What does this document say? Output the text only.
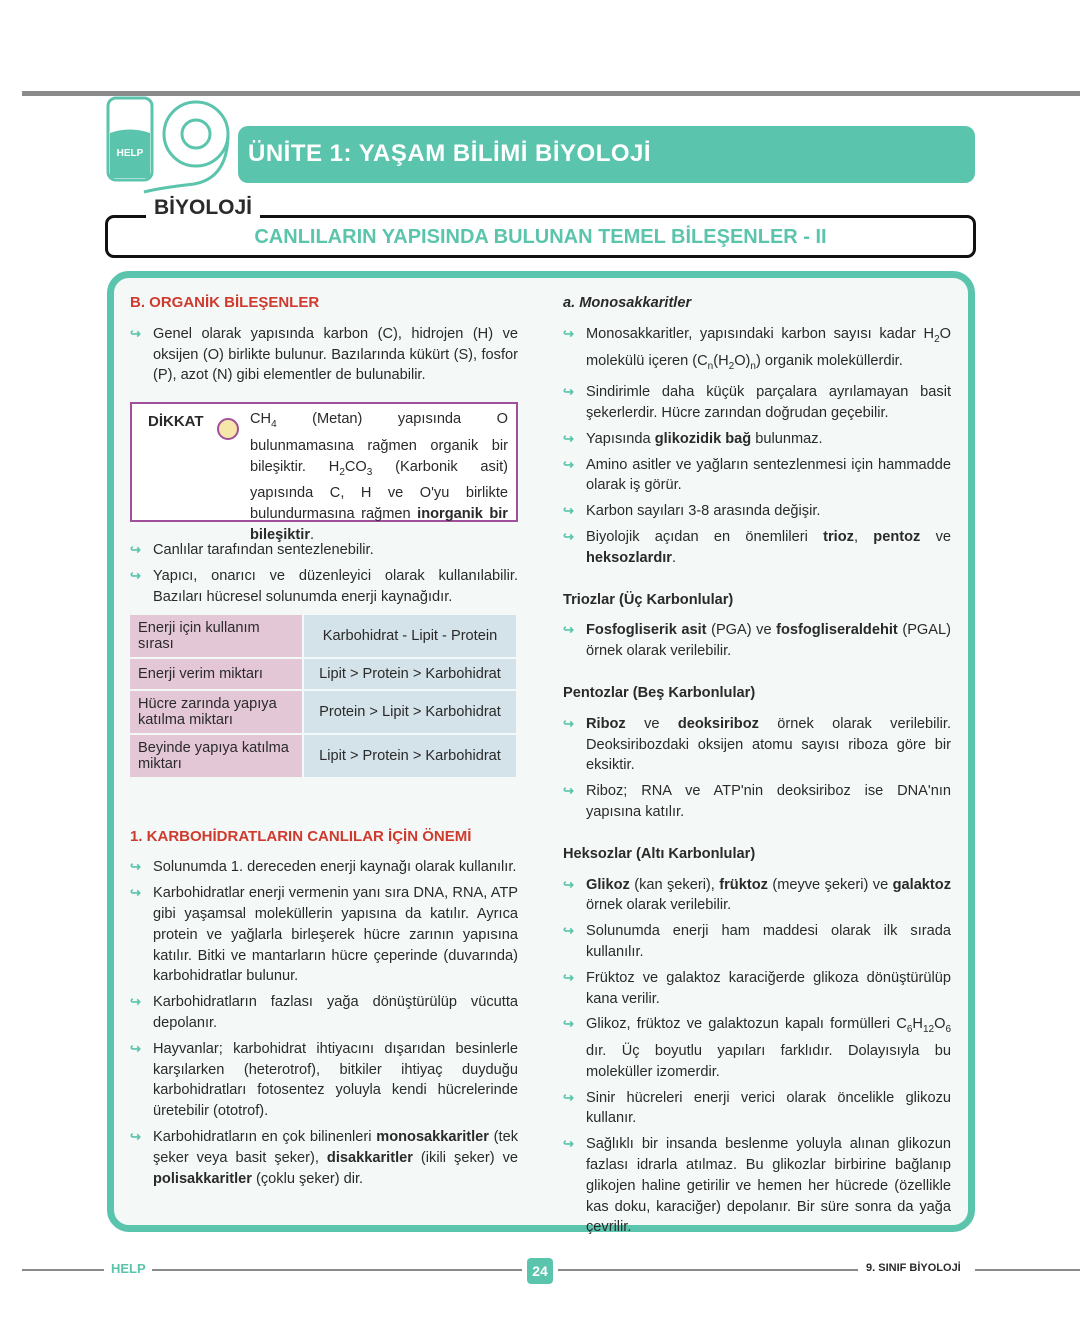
HELP	ÜNİTE 1: YAŞAM BİLİMİ BİYOLOJİ
BİYOLOJİ
CANLILARIN YAPISINDA BULUNAN TEMEL BİLEŞENLER - II
B. ORGANİK BİLEŞENLER
↪ Genel olarak yapısında karbon (C), hidrojen (H) ve oksijen (O) birlikte bulunur. Bazılarında kükürt (S), fosfor (P), azot (N) gibi elementler de bulunabilir.
DİKKAT	$CH_4$ (Metan) yapısında O bulunmamasına rağmen organik bir bileşiktir. $H_2CO_3$ (Karbonik asit) yapısında C, H ve O'yu birlikte bulundurmasına rağmen inorganik bir bileşiktir.
↪ Canlılar tarafından sentezlenebilir.
↪ Yapıcı, onarıcı ve düzenleyici olarak kullanılabilir. Bazıları hücresel solunumda enerji kaynağıdır.
Enerji için kullanım sırası	Karbohidrat - Lipit - Protein
Enerji verim miktarı	Lipit > Protein > Karbohidrat
Hücre zarında yapıya katılma miktarı	Protein > Lipit > Karbohidrat
Beyinde yapıya katılma miktarı	Lipit > Protein > Karbohidrat
1. KARBOHİDRATLARIN CANLILAR İÇİN ÖNEMİ
↪ Solunumda 1. dereceden enerji kaynağı olarak kullanılır.
↪ Karbohidratlar enerji vermenin yanı sıra DNA, RNA, ATP gibi yaşamsal moleküllerin yapısına da katılır. Ayrıca protein ve yağlarla birleşerek hücre zarının yapısına katılır. Bitki ve mantarların hücre çeperinde (duvarında) karbohidratlar bulunur.
↪ Karbohidratların fazlası yağa dönüştürülüp vücutta depolanır.
↪ Hayvanlar; karbohidrat ihtiyacını dışarıdan besinlerle karşılarken (heterotrof), bitkiler ihtiyaç duyduğu karbohidratları fotosentez yoluyla kendi hücrelerinde üretebilir (ototrof).
↪ Karbohidratların en çok bilinenleri monosakkaritler (tek şeker veya basit şeker), disakkaritler (ikili şeker) ve polisakkaritler (çoklu şeker) dir.
a. Monosakkaritler
↪ Monosakkaritler, yapısındaki karbon sayısı kadar $H_2O$ molekülü içeren $(C_n(H_2O)_n)$ organik moleküllerdir.
↪ Sindirimle daha küçük parçalara ayrılamayan basit şekerlerdir. Hücre zarından doğrudan geçebilir.
↪ Yapısında glikozidik bağ bulunmaz.
↪ Amino asitler ve yağların sentezlenmesi için hammadde olarak iş görür.
↪ Karbon sayıları 3-8 arasında değişir.
↪ Biyolojik açıdan en önemlileri trioz, pentoz ve heksozlardır.
Triozlar (Üç Karbonlular)
↪ Fosfogliserik asit (PGA) ve fosfogliseraldehit (PGAL) örnek olarak verilebilir.
Pentozlar (Beş Karbonlular)
↪ Riboz ve deoksiriboz örnek olarak verilebilir. Deoksiribozdaki oksijen atomu sayısı riboza göre bir eksiktir.
↪ Riboz; RNA ve ATP'nin deoksiriboz ise DNA'nın yapısına katılır.
Heksozlar (Altı Karbonlular)
↪ Glikoz (kan şekeri), früktoz (meyve şekeri) ve galaktoz örnek olarak verilebilir.
↪ Solunumda enerji ham maddesi olarak ilk sırada kullanılır.
↪ Früktoz ve galaktoz karaciğerde glikoza dönüştürülüp kana verilir.
↪ Glikoz, früktoz ve galaktozun kapalı formülleri $C_6H_{12}O_6$ dır. Üç boyutlu yapıları farklıdır. Dolayısıyla bu moleküller izomerdir.
↪ Sinir hücreleri enerji verici olarak öncelikle glikozu kullanır.
↪ Sağlıklı bir insanda beslenme yoluyla alınan glikozun fazlası idrarla atılmaz. Bu glikozlar birbirine bağlanıp glikojen haline getirilir ve hemen her hücrede (özellikle kas doku, karaciğer) depolanır. Bir süre sonra da yağa çevrilir.
HELP	24	9. SINIF BİYOLOJİ
